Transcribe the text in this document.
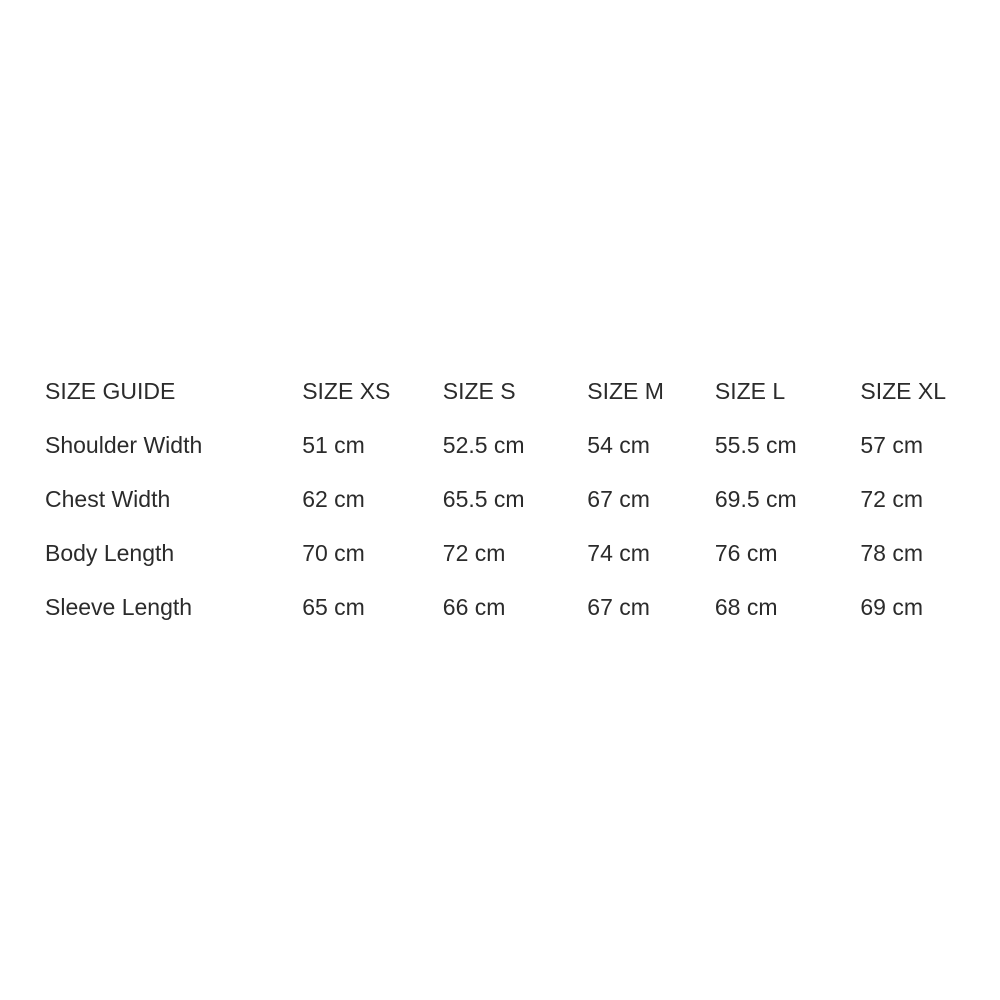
SIZE GUIDE	SIZE XS	SIZE S	SIZE M	SIZE L	SIZE XL
Shoulder Width	51 cm	52.5 cm	54 cm	55.5 cm	57 cm
Chest Width	62 cm	65.5 cm	67 cm	69.5 cm	72 cm
Body Length	70 cm	72 cm	74 cm	76 cm	78 cm
Sleeve Length	65 cm	66 cm	67 cm	68 cm	69 cm
